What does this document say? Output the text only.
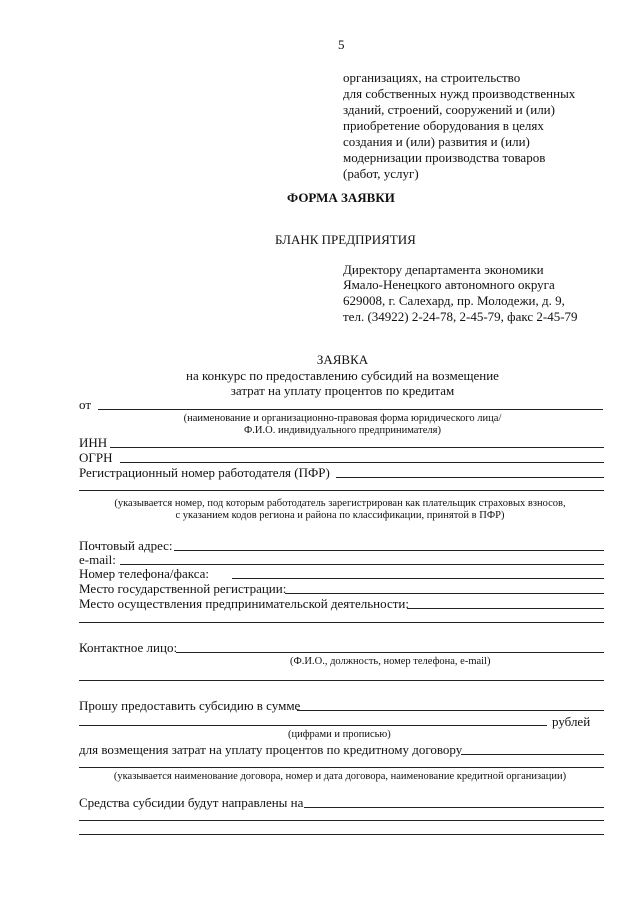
5
организациях, на строительство
для собственных нужд производственных
зданий, строений, сооружений и (или)
приобретение оборудования в целях
создания и (или) развития и (или)
модернизации производства товаров
(работ, услуг)
ФОРМА ЗАЯВКИ
БЛАНК ПРЕДПРИЯТИЯ
Директору департамента экономики
Ямало-Ненецкого автономного округа
629008, г. Салехард, пр. Молодежи, д. 9,
тел. (34922) 2-24-78, 2-45-79, факс 2-45-79
ЗАЯВКА
на конкурс по предоставлению субсидий на возмещение
затрат на уплату процентов по кредитам
от
(наименование и организационно-правовая форма юридического лица/
Ф.И.О. индивидуального предпринимателя)
ИНН
ОГРН
Регистрационный номер работодателя (ПФР)
(указывается номер, под которым работодатель зарегистрирован как плательщик страховых взносов,
с указанием кодов региона и района по классификации, принятой в ПФР)
Почтовый адрес:
e-mail:
Номер телефона/факса:
Место государственной регистрации:
Место осуществления предпринимательской деятельности:
Контактное лицо:
(Ф.И.О., должность, номер телефона, e-mail)
Прошу предоставить субсидию в сумме
рублей
(цифрами и прописью)
для возмещения затрат на уплату процентов по кредитному договору
(указывается наименование договора, номер и дата договора, наименование кредитной организации)
Средства субсидии будут направлены на
